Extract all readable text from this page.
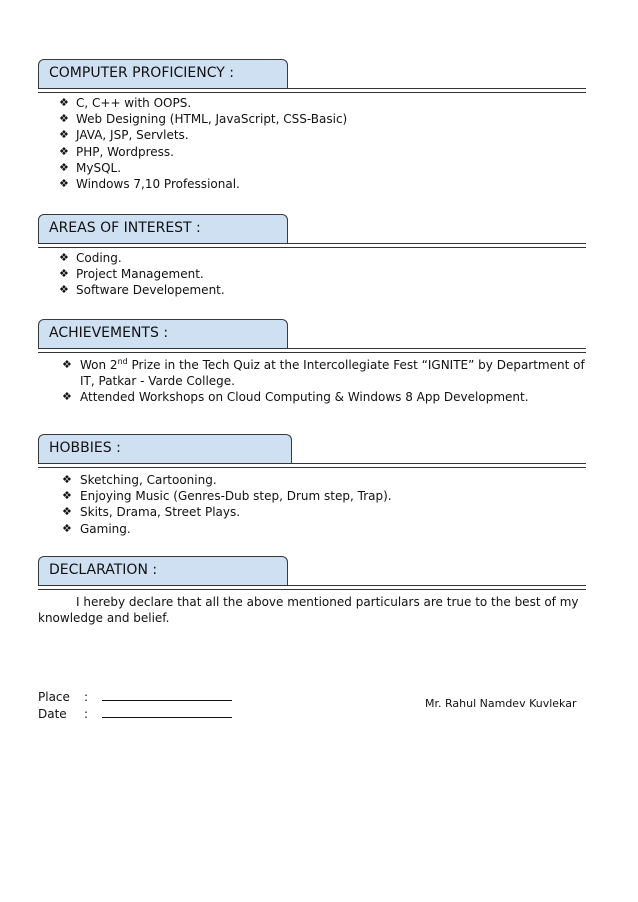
COMPUTER PROFICIENCY :
❖ C, C++ with OOPS.
❖ Web Designing (HTML, JavaScript, CSS-Basic)
❖ JAVA, JSP, Servlets.
❖ PHP, Wordpress.
❖ MySQL.
❖ Windows 7,10 Professional.
AREAS OF INTEREST :
❖ Coding.
❖ Project Management.
❖ Software Developement.
ACHIEVEMENTS :
❖ Won 2nd Prize in the Tech Quiz at the Intercollegiate Fest “IGNITE” by Department of IT, Patkar - Varde College.
❖ Attended Workshops on Cloud Computing & Windows 8 App Development.
HOBBIES :
❖ Sketching, Cartooning.
❖ Enjoying Music (Genres-Dub step, Drum step, Trap).
❖ Skits, Drama, Street Plays.
❖ Gaming.
DECLARATION :
I hereby declare that all the above mentioned particulars are true to the best of my knowledge and belief.
Place :
Date :
Mr. Rahul Namdev Kuvlekar
